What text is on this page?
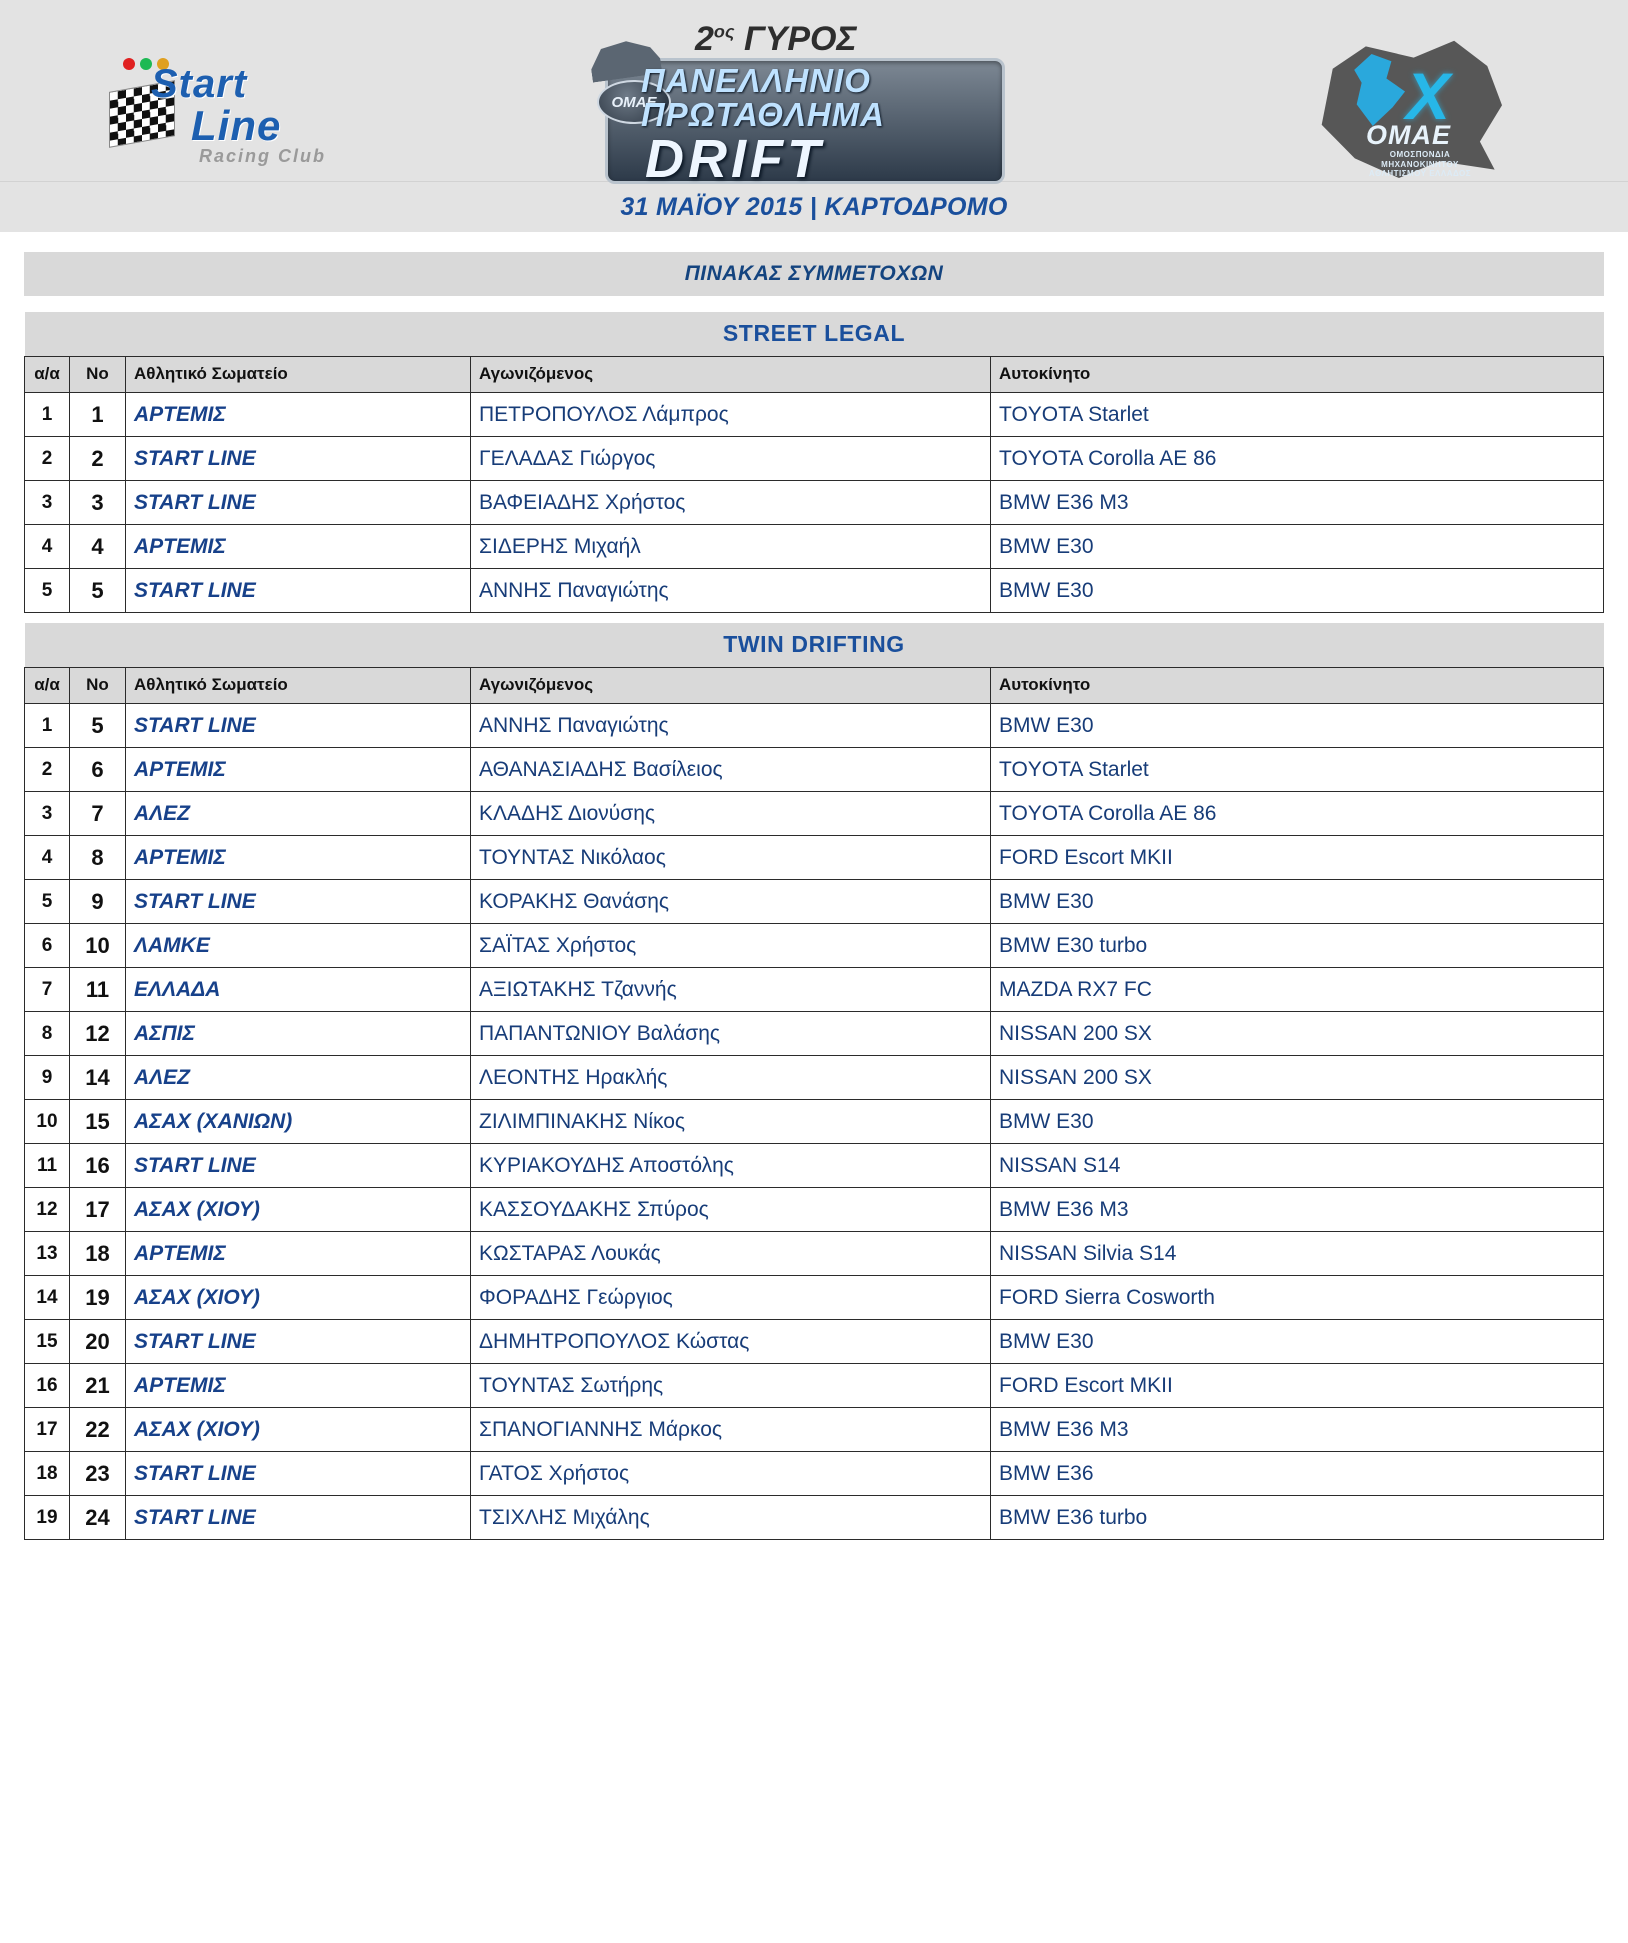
Start
Line
Racing Club
$2^{o\varsigma}$ ΓΥΡΟΣ
OMAE
ΠΑΝΕΛΛΗΝΙΟ
ΠΡΩΤΑΘΛΗΜΑ
DRIFT
X
OMAE
ΟΜΟΣΠΟΝΔΙΑ ΜΗΧΑΝΟΚΙΝΗΤΟΥ ΑΘΛΗΤΙΣΜΟΥ ΕΛΛΑΔΟΣ
31 ΜΑΪΟΥ 2015 | ΚΑΡΤΟΔΡΟΜΟ
ΠΙΝΑΚΑΣ ΣΥΜΜΕΤΟΧΩΝ
STREET LEGAL				
α/α	No	Αθλητικό Σωματείο	Αγωνιζόμενος	Αυτοκίνητο
1	1	ΑΡΤΕΜΙΣ	ΠΕΤΡΟΠΟΥΛΟΣ Λάμπρος	TOYOTA Starlet
2	2	START LINE	ΓΕΛΑΔΑΣ Γιώργος	TOYOTA Corolla AE 86
3	3	START LINE	ΒΑΦΕΙΑΔΗΣ Χρήστος	BMW E36 M3
4	4	ΑΡΤΕΜΙΣ	ΣΙΔΕΡΗΣ Μιχαήλ	BMW E30
5	5	START LINE	ΑΝΝΗΣ Παναγιώτης	BMW E30
TWIN DRIFTING				
α/α	No	Αθλητικό Σωματείο	Αγωνιζόμενος	Αυτοκίνητο
1	5	START LINE	ΑΝΝΗΣ Παναγιώτης	BMW E30
2	6	ΑΡΤΕΜΙΣ	ΑΘΑΝΑΣΙΑΔΗΣ Βασίλειος	TOYOTA Starlet
3	7	ΑΛΕΖ	ΚΛΑΔΗΣ Διονύσης	TOYOTA Corolla AE 86
4	8	ΑΡΤΕΜΙΣ	ΤΟΥΝΤΑΣ Νικόλαος	FORD Escort MKII
5	9	START LINE	ΚΟΡΑΚΗΣ Θανάσης	BMW E30
6	10	ΛΑΜΚΕ	ΣΑΪΤΑΣ Χρήστος	BMW E30 turbo
7	11	ΕΛΛΑΔΑ	ΑΞΙΩΤΑΚΗΣ Τζαννής	MAZDA RX7 FC
8	12	ΑΣΠΙΣ	ΠΑΠΑΝΤΩΝΙΟΥ Βαλάσης	NISSAN 200 SX
9	14	ΑΛΕΖ	ΛΕΟΝΤΗΣ Ηρακλής	NISSAN 200 SX
10	15	ΑΣΑΧ (ΧΑΝΙΩΝ)	ΖΙΛΙΜΠΙΝΑΚΗΣ Νίκος	BMW E30
11	16	START LINE	ΚΥΡΙΑΚΟΥΔΗΣ Αποστόλης	NISSAN S14
12	17	ΑΣΑΧ (ΧΙΟΥ)	ΚΑΣΣΟΥΔΑΚΗΣ Σπύρος	BMW E36 M3
13	18	ΑΡΤΕΜΙΣ	ΚΩΣΤΑΡΑΣ Λουκάς	NISSAN Silvia S14
14	19	ΑΣΑΧ (ΧΙΟΥ)	ΦΟΡΑΔΗΣ Γεώργιος	FORD Sierra Cosworth
15	20	START LINE	ΔΗΜΗΤΡΟΠΟΥΛΟΣ Κώστας	BMW E30
16	21	ΑΡΤΕΜΙΣ	ΤΟΥΝΤΑΣ Σωτήρης	FORD Escort MKII
17	22	ΑΣΑΧ (ΧΙΟΥ)	ΣΠΑΝΟΓΙΑΝΝΗΣ Μάρκος	BMW E36 M3
18	23	START LINE	ΓΑΤΟΣ Χρήστος	BMW E36
19	24	START LINE	ΤΣΙΧΛΗΣ Μιχάλης	BMW E36 turbo
